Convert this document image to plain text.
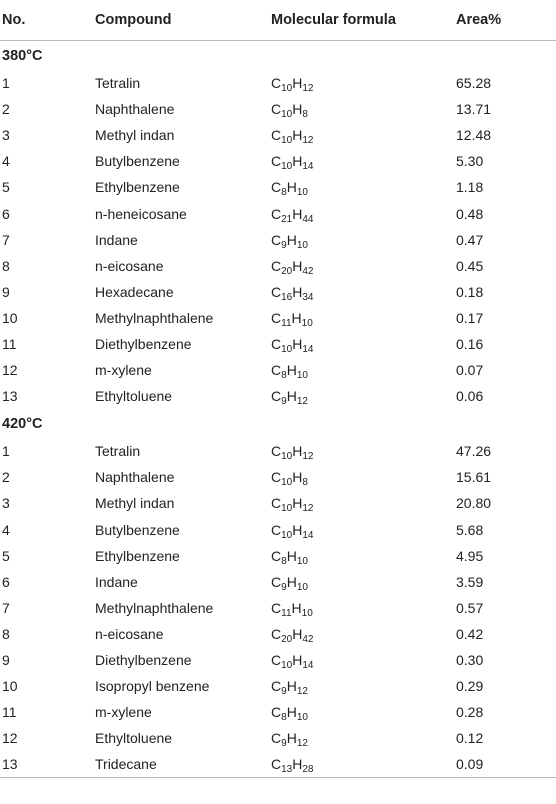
No.	Compound	Molecular formula	Area%
380°C
1	Tetralin	$C_{10}H_{12}$	65.28
2	Naphthalene	$C_{10}H_8$	13.71
3	Methyl indan	$C_{10}H_{12}$	12.48
4	Butylbenzene	$C_{10}H_{14}$	5.30
5	Ethylbenzene	$C_8H_{10}$	1.18
6	n-heneicosane	$C_{21}H_{44}$	0.48
7	Indane	$C_9H_{10}$	0.47
8	n-eicosane	$C_{20}H_{42}$	0.45
9	Hexadecane	$C_{16}H_{34}$	0.18
10	Methylnaphthalene	$C_{11}H_{10}$	0.17
11	Diethylbenzene	$C_{10}H_{14}$	0.16
12	m-xylene	$C_8H_{10}$	0.07
13	Ethyltoluene	$C_9H_{12}$	0.06
420°C
1	Tetralin	$C_{10}H_{12}$	47.26
2	Naphthalene	$C_{10}H_8$	15.61
3	Methyl indan	$C_{10}H_{12}$	20.80
4	Butylbenzene	$C_{10}H_{14}$	5.68
5	Ethylbenzene	$C_8H_{10}$	4.95
6	Indane	$C_9H_{10}$	3.59
7	Methylnaphthalene	$C_{11}H_{10}$	0.57
8	n-eicosane	$C_{20}H_{42}$	0.42
9	Diethylbenzene	$C_{10}H_{14}$	0.30
10	Isopropyl benzene	$C_9H_{12}$	0.29
11	m-xylene	$C_8H_{10}$	0.28
12	Ethyltoluene	$C_9H_{12}$	0.12
13	Tridecane	$C_{13}H_{28}$	0.09
